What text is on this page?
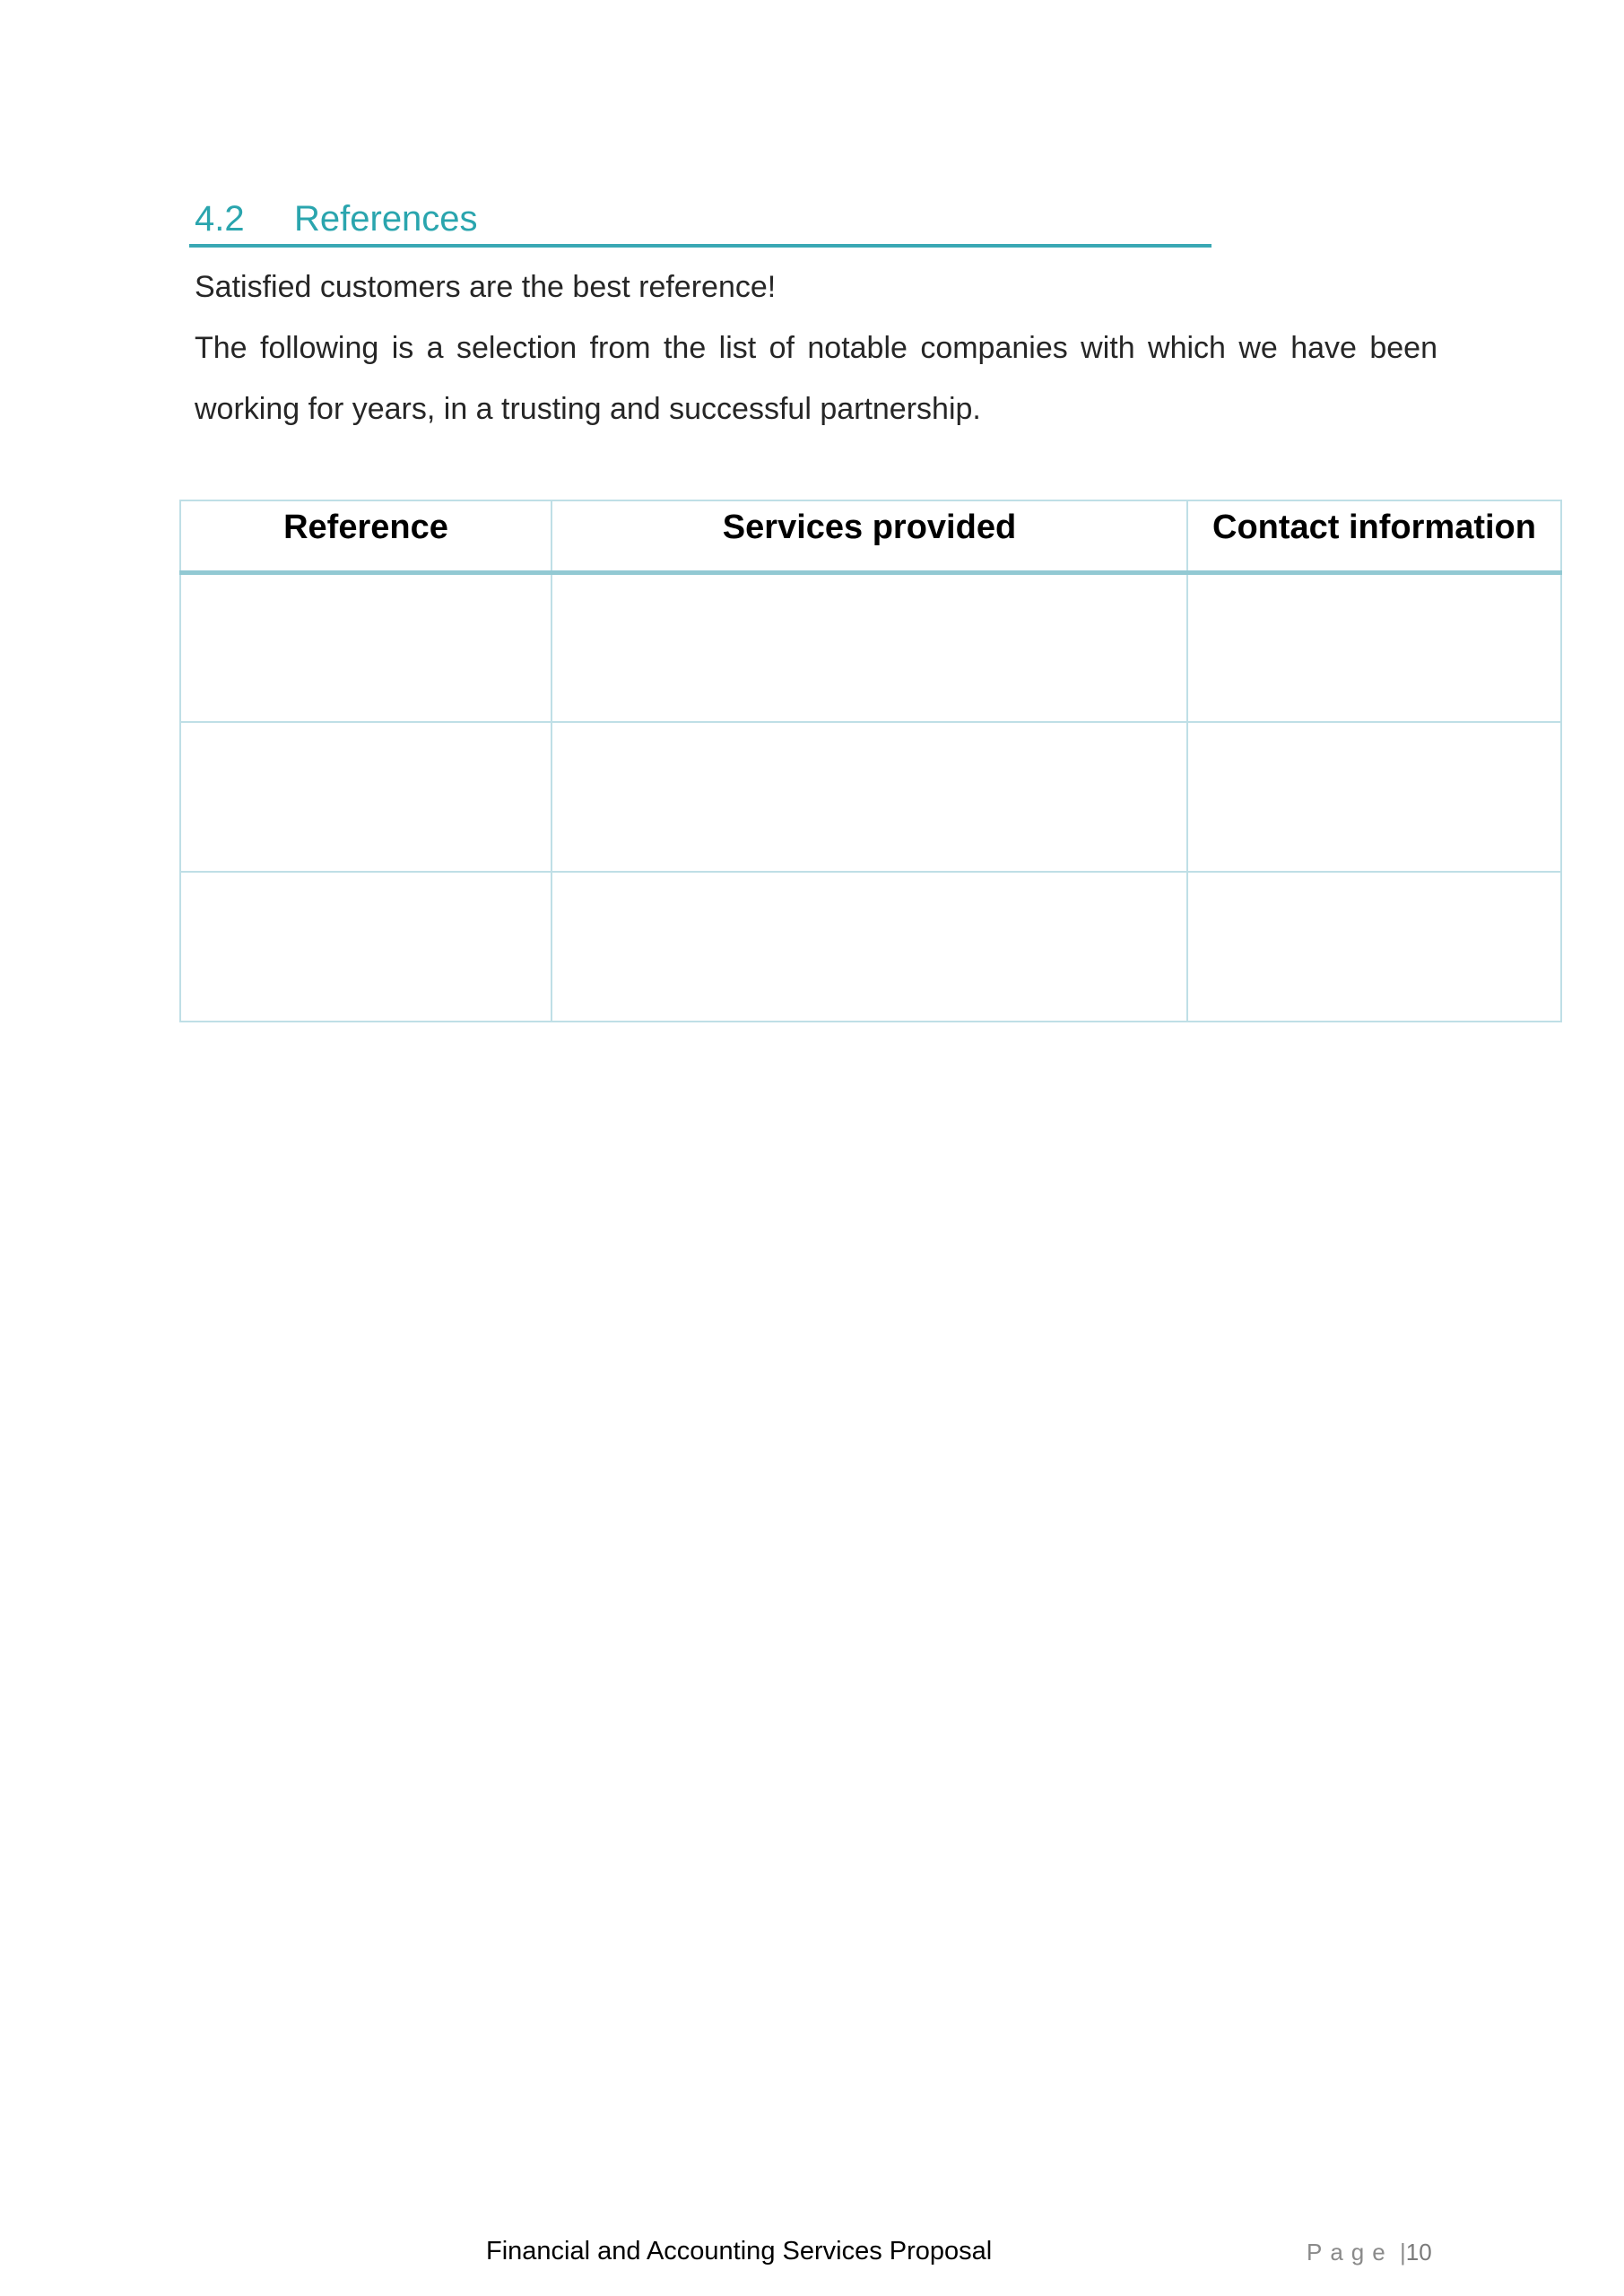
4.2 References
Satisfied customers are the best reference!
The following is a selection from the list of notable companies with which we have been working for years, in a trusting and successful partnership.
Reference	Services provided	Contact information

Financial and Accounting Services Proposal	Page |10
